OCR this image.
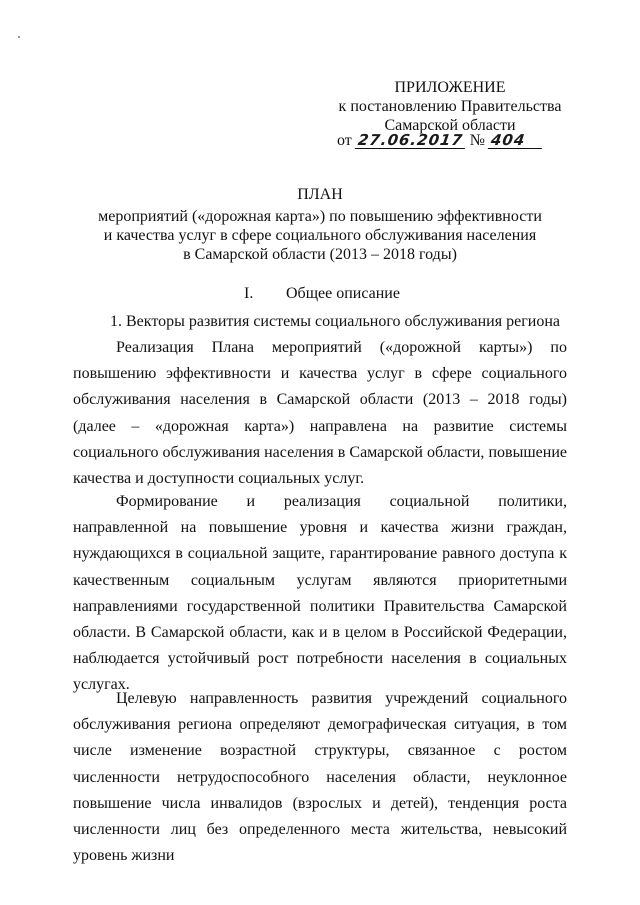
ПРИЛОЖЕНИЕ
к постановлению Правительства
Самарской области
от 27.06.2017 № 404
ПЛАН
мероприятий («дорожная карта») по повышению эффективности
и качества услуг в сфере социального обслуживания населения
в Самарской области (2013 – 2018 годы)
I. Общее описание
1. Векторы развития системы социального обслуживания региона

Реализация Плана мероприятий («дорожной карты») по повышению эффективности и качества услуг в сфере социального обслуживания населения в Самарской области (2013 – 2018 годы) (далее – «дорожная карта») направлена на развитие системы социального обслуживания населения в Самарской области, повышение качества и доступности социальных услуг.

Формирование и реализация социальной политики, направленной на повышение уровня и качества жизни граждан, нуждающихся в социальной защите, гарантирование равного доступа к качественным социальным услугам являются приоритетными направлениями государственной политики Правительства Самарской области. В Самарской области, как и в целом в Российской Федерации, наблюдается устойчивый рост потребности населения в социальных услугах.

Целевую направленность развития учреждений социального обслуживания региона определяют демографическая ситуация, в том числе изменение возрастной структуры, связанное с ростом численности нетрудоспособного населения области, неуклонное повышение числа инвалидов (взрослых и детей), тенденция роста численности лиц без определенного места жительства, невысокий уровень жизни
